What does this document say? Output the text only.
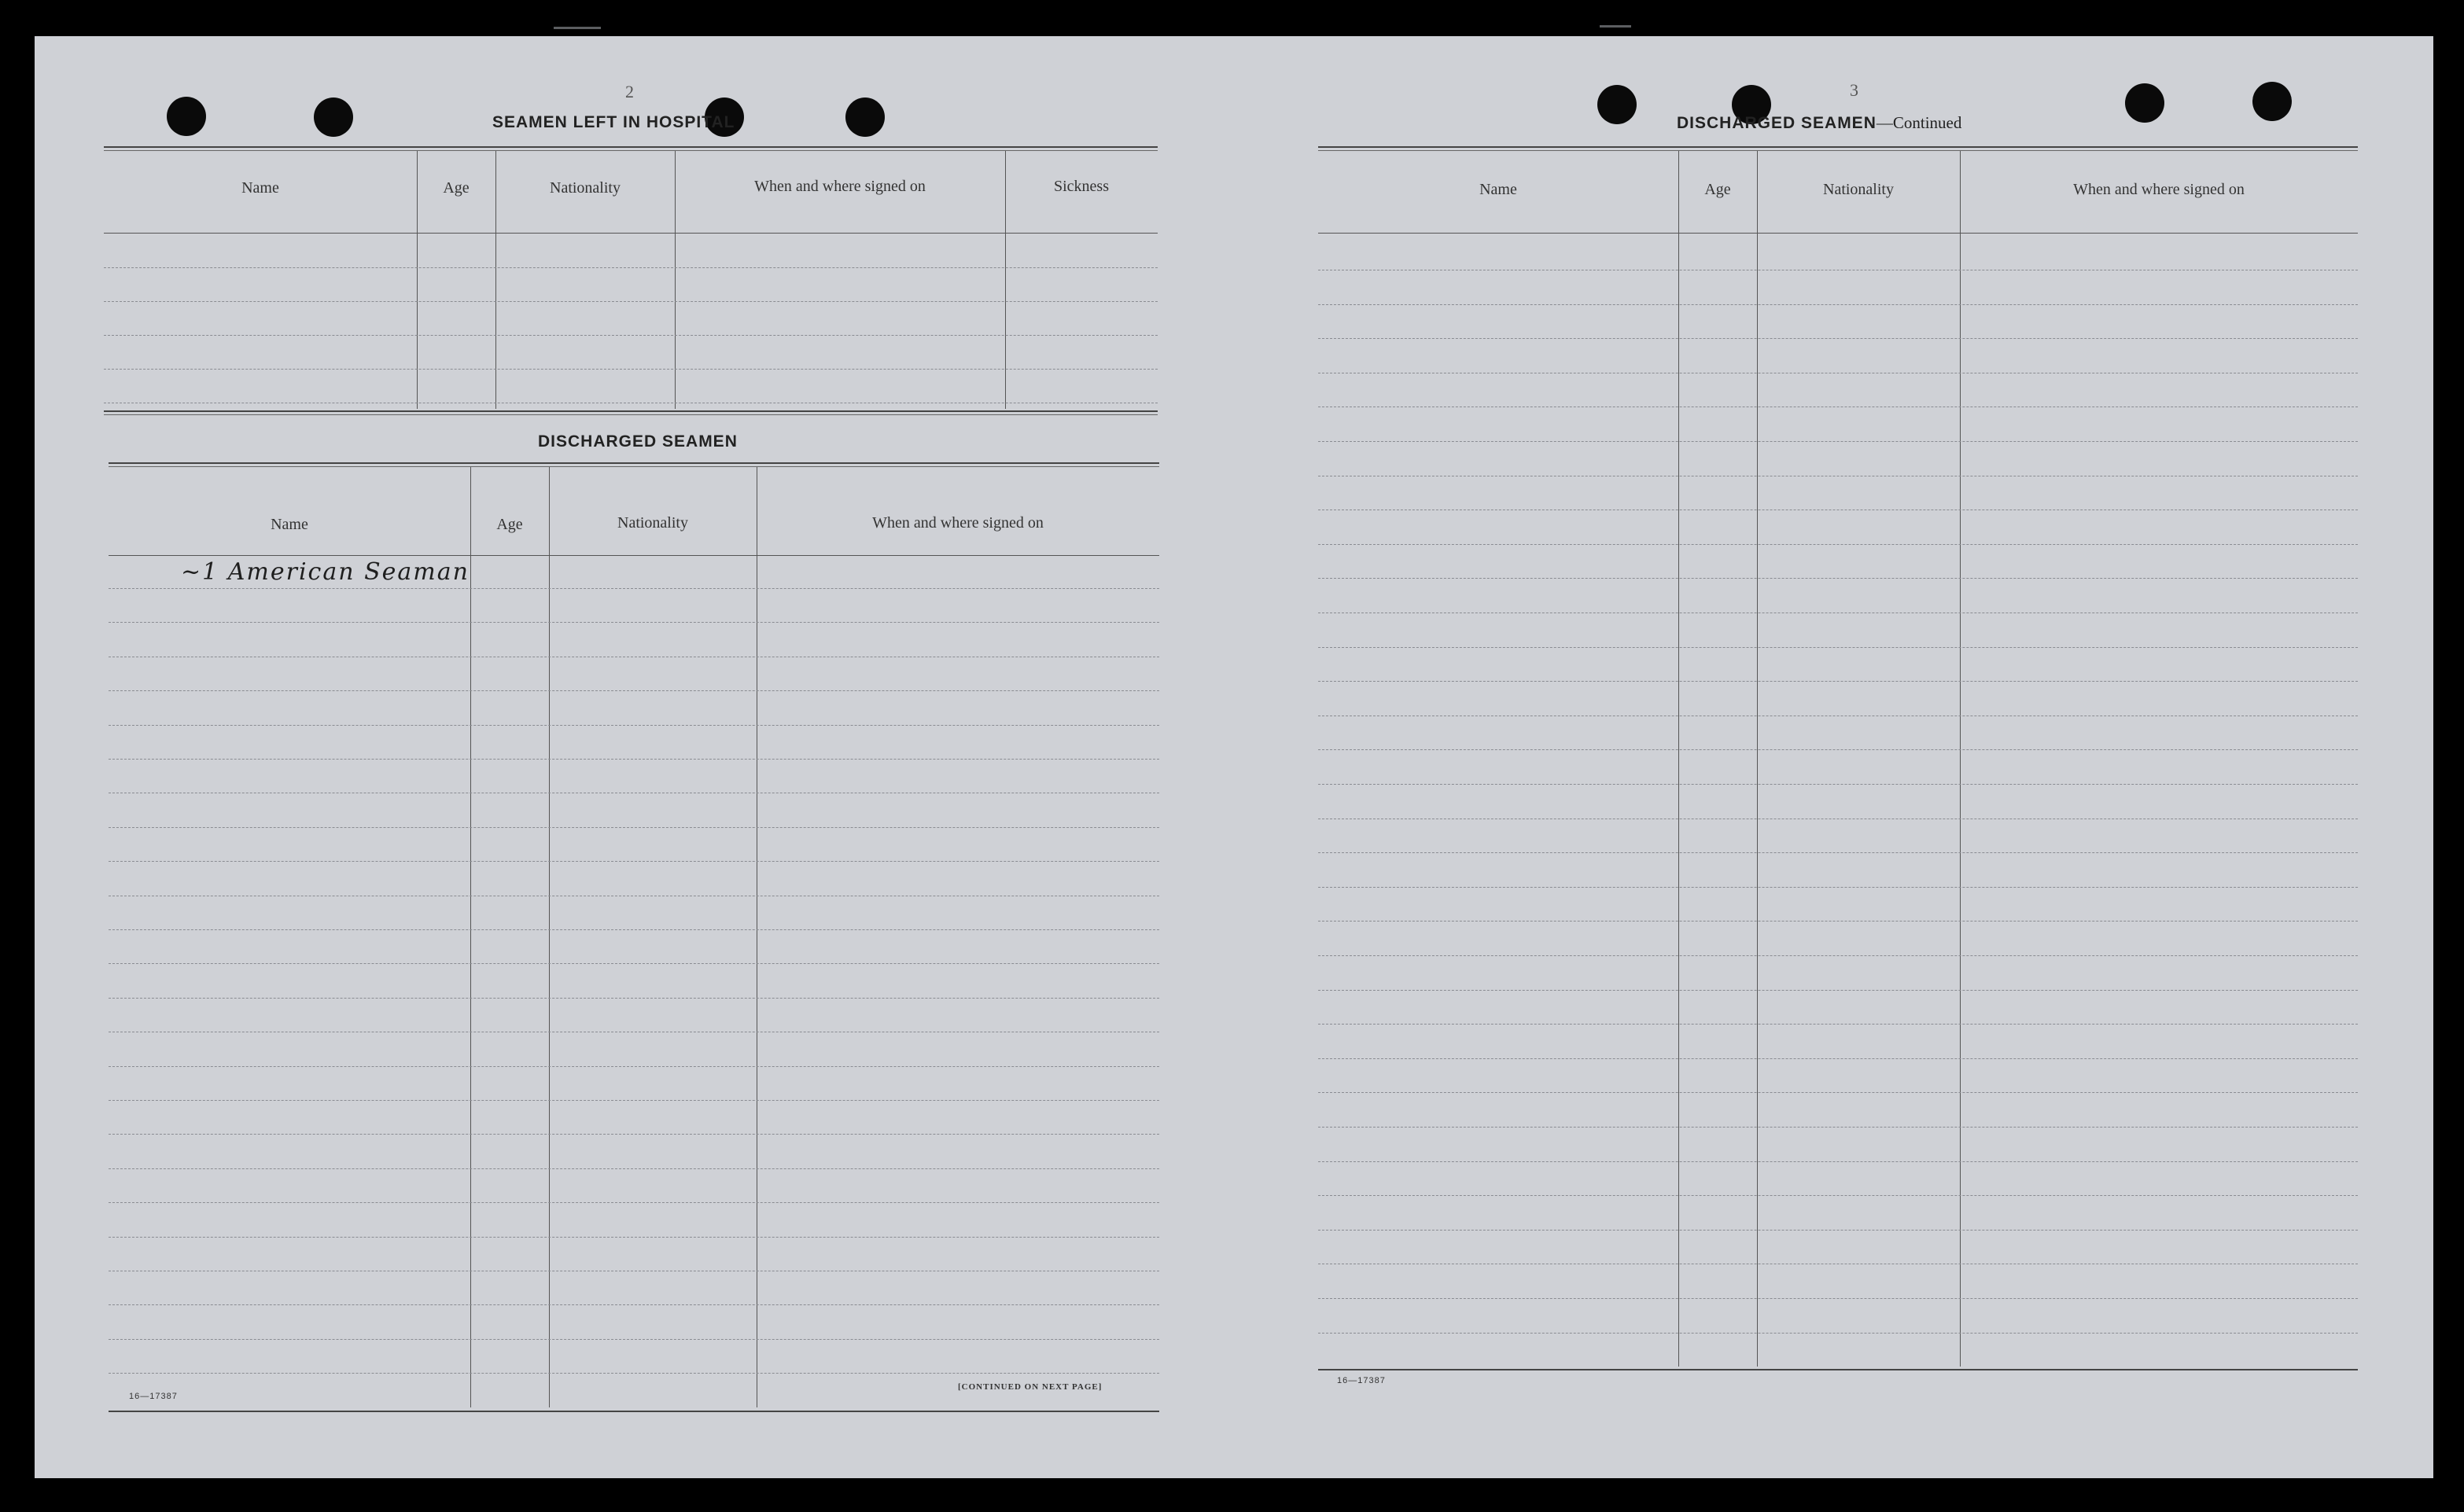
2
SEAMEN LEFT IN HOSPITAL
Name	Age	Nationality	When and where signed on	Sickness
DISCHARGED SEAMEN
Name	Age	Nationality	When and where signed on
~1 American Seaman
16—17387
[CONTINUED ON NEXT PAGE]
3
DISCHARGED SEAMEN—Continued
Name	Age	Nationality	When and where signed on
16—17387
